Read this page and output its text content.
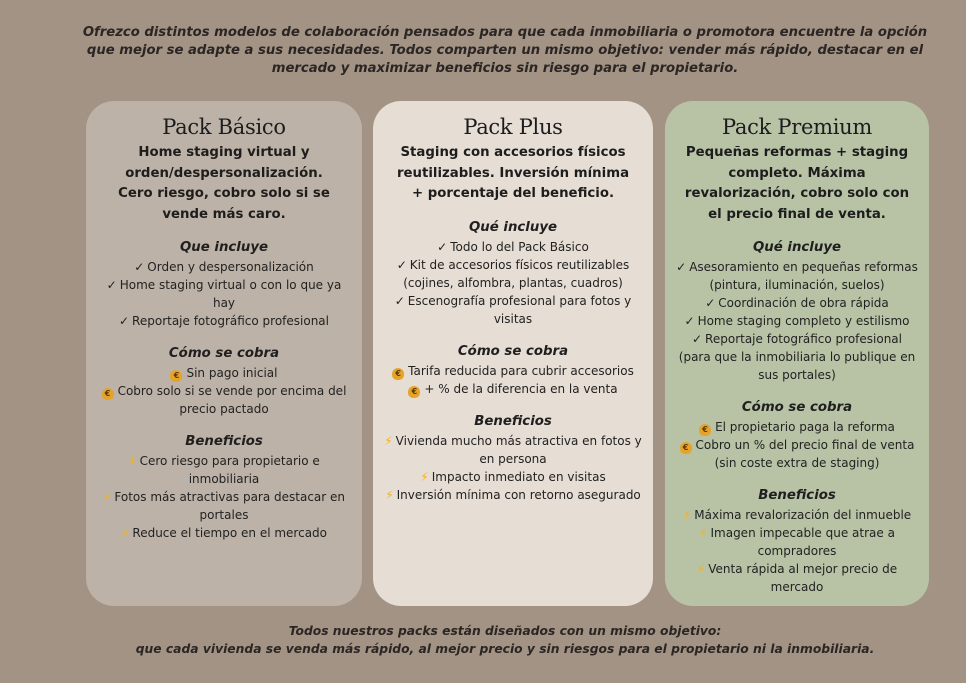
Ofrezco distintos modelos de colaboración pensados para que cada inmobiliaria o promotora encuentre la opción que mejor se adapte a sus necesidades. Todos comparten un mismo objetivo: vender más rápido, destacar en el mercado y maximizar beneficios sin riesgo para el propietario.
Pack Básico
Home staging virtual y orden/despersonalización. Cero riesgo, cobro solo si se vende más caro.
Que incluye
✓ Orden y despersonalización
✓ Home staging virtual o con lo que ya hay
✓ Reportaje fotográfico profesional
Cómo se cobra
€ Sin pago inicial
€ Cobro solo si se vende por encima del precio pactado
Beneficios
⚡ Cero riesgo para propietario e inmobiliaria
⚡ Fotos más atractivas para destacar en portales
⚡ Reduce el tiempo en el mercado
Pack Plus
Staging con accesorios físicos reutilizables. Inversión mínima + porcentaje del beneficio.
Qué incluye
✓ Todo lo del Pack Básico
✓ Kit de accesorios físicos reutilizables (cojines, alfombra, plantas, cuadros)
✓ Escenografía profesional para fotos y visitas
Cómo se cobra
€ Tarifa reducida para cubrir accesorios
€ + % de la diferencia en la venta
Beneficios
⚡ Vivienda mucho más atractiva en fotos y en persona
⚡ Impacto inmediato en visitas
⚡ Inversión mínima con retorno asegurado
Pack Premium
Pequeñas reformas + staging completo. Máxima revalorización, cobro solo con el precio final de venta.
Qué incluye
✓ Asesoramiento en pequeñas reformas (pintura, iluminación, suelos)
✓ Coordinación de obra rápida
✓ Home staging completo y estilismo
✓ Reportaje fotográfico profesional (para que la inmobiliaria lo publique en sus portales)
Cómo se cobra
€ El propietario paga la reforma
€ Cobro un % del precio final de venta (sin coste extra de staging)
Beneficios
⚡ Máxima revalorización del inmueble
⚡ Imagen impecable que atrae a compradores
⚡ Venta rápida al mejor precio de mercado
Todos nuestros packs están diseñados con un mismo objetivo:
que cada vivienda se venda más rápido, al mejor precio y sin riesgos para el propietario ni la inmobiliaria.
